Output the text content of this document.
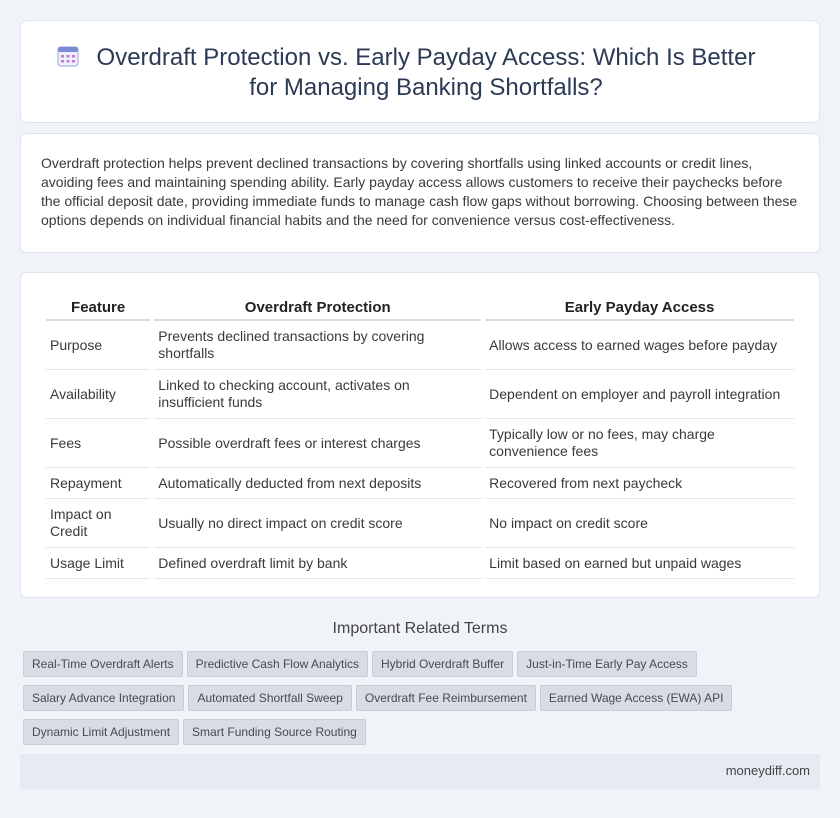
Overdraft Protection vs. Early Payday Access: Which Is Better for Managing Banking Shortfalls?

Overdraft protection helps prevent declined transactions by covering shortfalls using linked accounts or credit lines, avoiding fees and maintaining spending ability. Early payday access allows customers to receive their paychecks before the official deposit date, providing immediate funds to manage cash flow gaps without borrowing. Choosing between these options depends on individual financial habits and the need for convenience versus cost-effectiveness.

Feature	Overdraft Protection	Early Payday Access
Purpose	Prevents declined transactions by covering shortfalls	Allows access to earned wages before payday
Availability	Linked to checking account, activates on insufficient funds	Dependent on employer and payroll integration
Fees	Possible overdraft fees or interest charges	Typically low or no fees, may charge convenience fees
Repayment	Automatically deducted from next deposits	Recovered from next paycheck
Impact on Credit	Usually no direct impact on credit score	No impact on credit score
Usage Limit	Defined overdraft limit by bank	Limit based on earned but unpaid wages
Important Related Terms
Real-Time Overdraft Alerts Predictive Cash Flow Analytics Hybrid Overdraft Buffer Just-in-Time Early Pay Access Salary Advance Integration Automated Shortfall Sweep Overdraft Fee Reimbursement Earned Wage Access (EWA) API Dynamic Limit Adjustment Smart Funding Source Routing
moneydiff.com
